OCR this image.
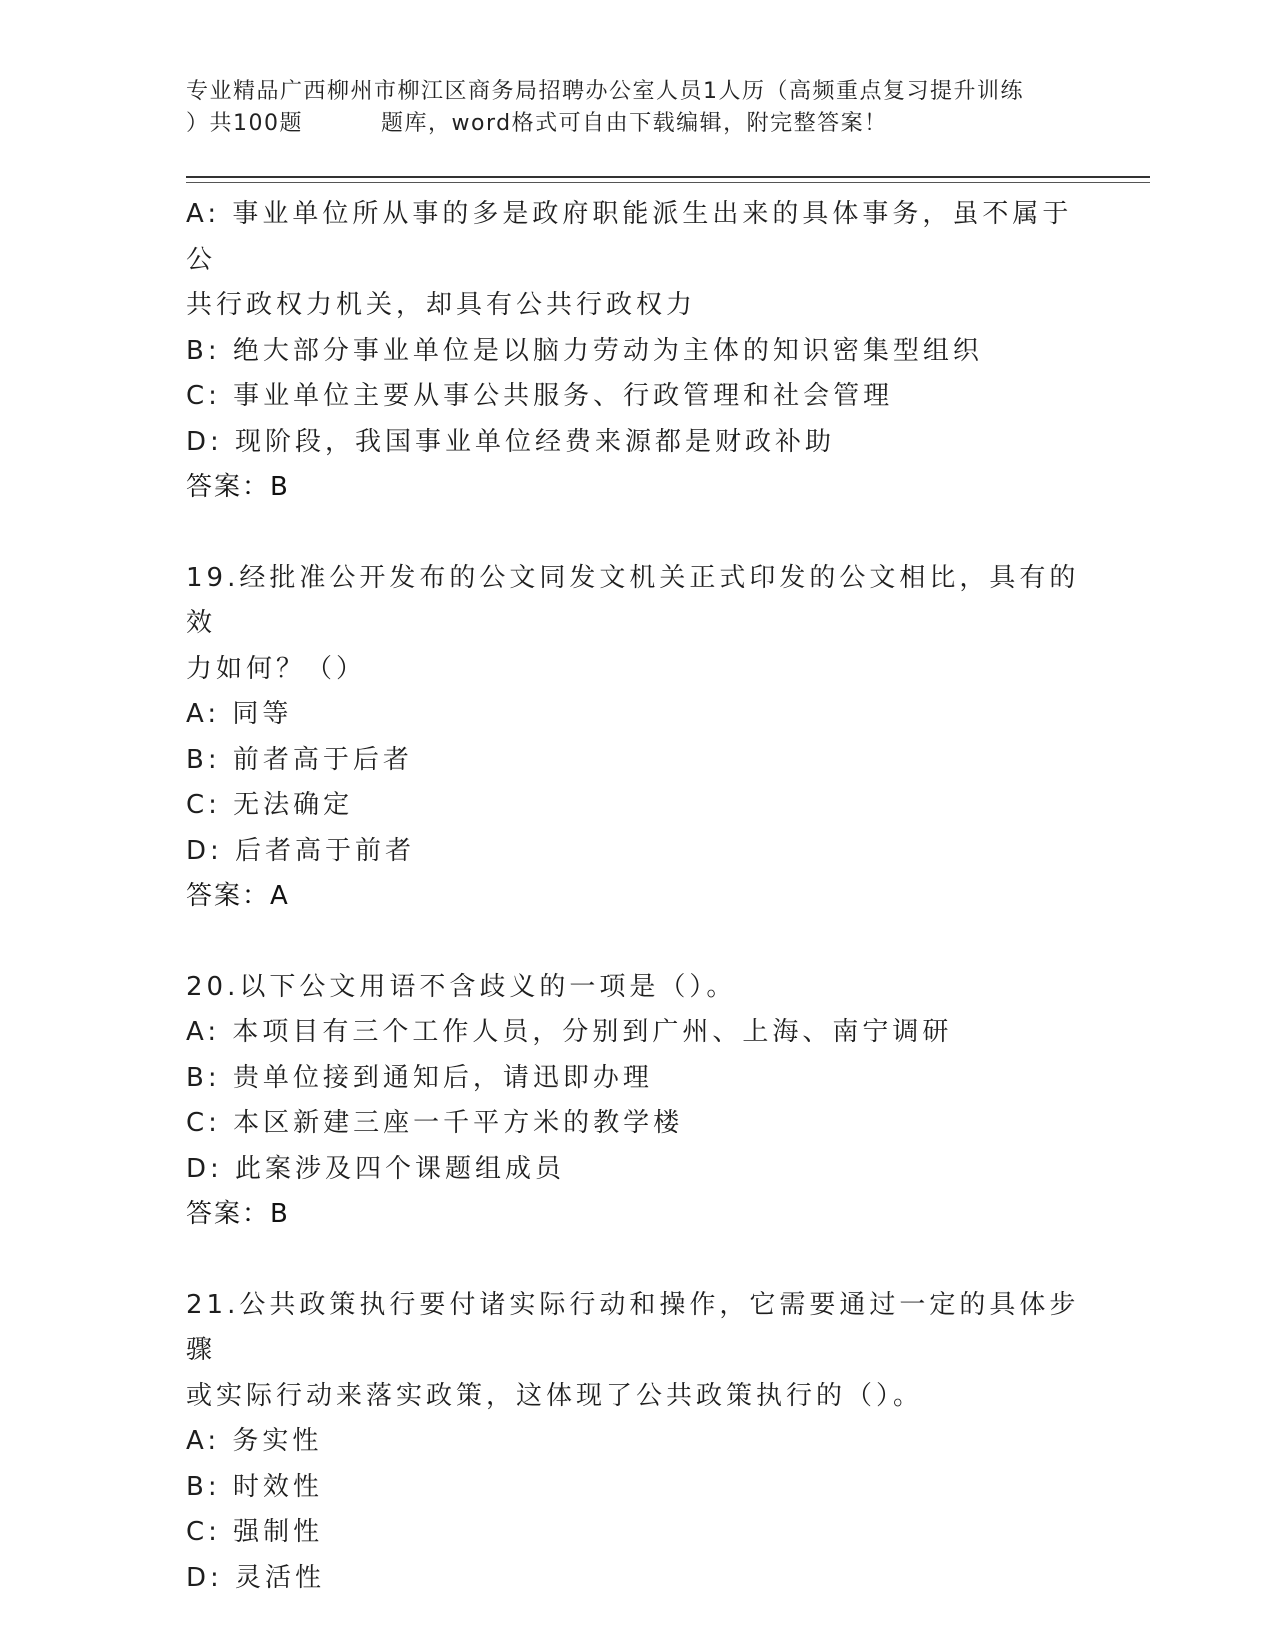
专业精品广西柳州市柳江区商务局招聘办公室人员1人历（高频重点复习提升训练
）共100题	题库，word格式可自由下载编辑，附完整答案！
A: 事业单位所从事的多是政府职能派生出来的具体事务，虽不属于公
共行政权力机关，却具有公共行政权力
B: 绝大部分事业单位是以脑力劳动为主体的知识密集型组织
C: 事业单位主要从事公共服务、行政管理和社会管理
D: 现阶段，我国事业单位经费来源都是财政补助
答案：B
19.经批准公开发布的公文同发文机关正式印发的公文相比，具有的效
力如何？（）
A: 同等
B: 前者高于后者
C: 无法确定
D: 后者高于前者
答案：A
20.以下公文用语不含歧义的一项是（）。
A: 本项目有三个工作人员，分别到广州、上海、南宁调研
B: 贵单位接到通知后，请迅即办理
C: 本区新建三座一千平方米的教学楼
D: 此案涉及四个课题组成员
答案：B
21.公共政策执行要付诸实际行动和操作，它需要通过一定的具体步骤
或实际行动来落实政策，这体现了公共政策执行的（）。
A: 务实性
B: 时效性
C: 强制性
D: 灵活性
